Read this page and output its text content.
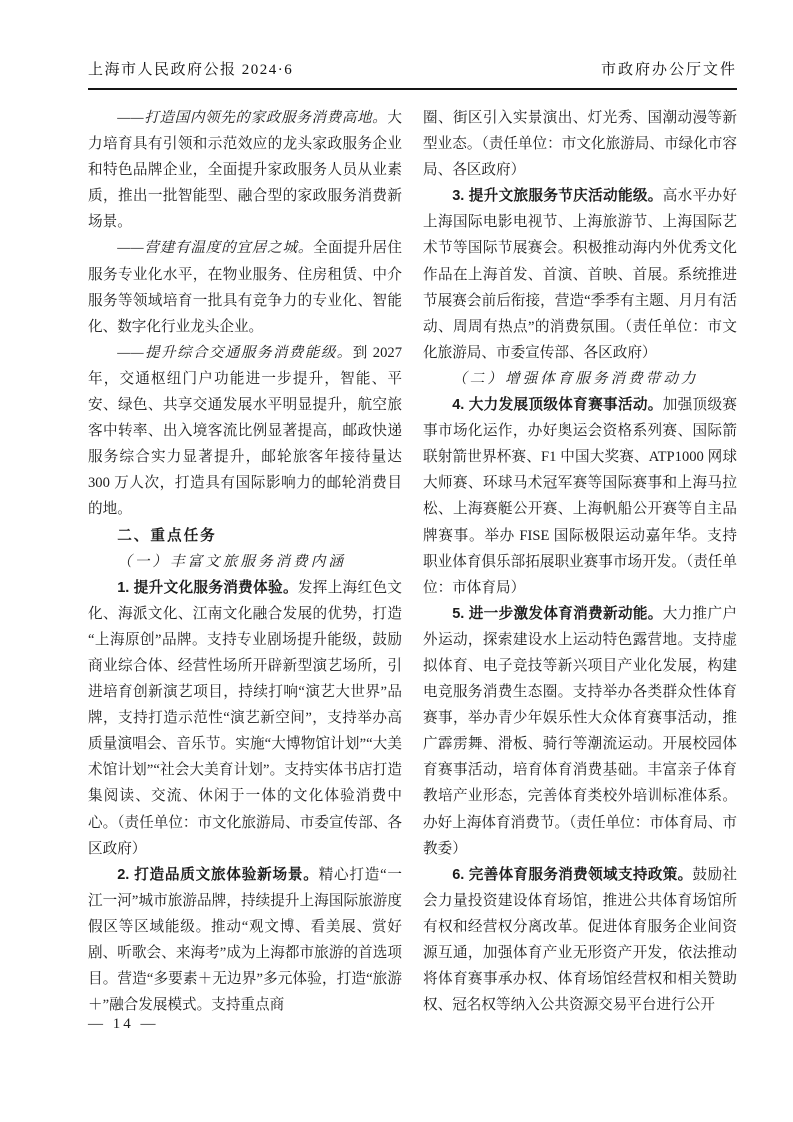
上海市人民政府公报 2024·6	市政府办公厅文件

——打造国内领先的家政服务消费高地。大力培育具有引领和示范效应的龙头家政服务企业和特色品牌企业，全面提升家政服务人员从业素质，推出一批智能型、融合型的家政服务消费新场景。

——营建有温度的宜居之城。全面提升居住服务专业化水平，在物业服务、住房租赁、中介服务等领域培育一批具有竞争力的专业化、智能化、数字化行业龙头企业。

——提升综合交通服务消费能级。到 2027 年，交通枢纽门户功能进一步提升，智能、平安、绿色、共享交通发展水平明显提升，航空旅客中转率、出入境客流比例显著提高，邮政快递服务综合实力显著提升，邮轮旅客年接待量达 300 万人次，打造具有国际影响力的邮轮消费目的地。

二、重点任务

（一）丰富文旅服务消费内涵

1. 提升文化服务消费体验。发挥上海红色文化、海派文化、江南文化融合发展的优势，打造“上海原创”品牌。支持专业剧场提升能级，鼓励商业综合体、经营性场所开辟新型演艺场所，引进培育创新演艺项目，持续打响“演艺大世界”品牌，支持打造示范性“演艺新空间”，支持举办高质量演唱会、音乐节。实施“大博物馆计划”“大美术馆计划”“社会大美育计划”。支持实体书店打造集阅读、交流、休闲于一体的文化体验消费中心。（责任单位：市文化旅游局、市委宣传部、各区政府）

2. 打造品质文旅体验新场景。精心打造“一江一河”城市旅游品牌，持续提升上海国际旅游度假区等区域能级。推动“观文博、看美展、赏好剧、听歌会、来海考”成为上海都市旅游的首选项目。营造“多要素＋无边界”多元体验，打造“旅游＋”融合发展模式。支持重点商

圈、街区引入实景演出、灯光秀、国潮动漫等新型业态。（责任单位：市文化旅游局、市绿化市容局、各区政府）

3. 提升文旅服务节庆活动能级。高水平办好上海国际电影电视节、上海旅游节、上海国际艺术节等国际节展赛会。积极推动海内外优秀文化作品在上海首发、首演、首映、首展。系统推进节展赛会前后衔接，营造“季季有主题、月月有活动、周周有热点”的消费氛围。（责任单位：市文化旅游局、市委宣传部、各区政府）

（二）增强体育服务消费带动力

4. 大力发展顶级体育赛事活动。加强顶级赛事市场化运作，办好奥运会资格系列赛、国际箭联射箭世界杯赛、F1 中国大奖赛、ATP1000 网球大师赛、环球马术冠军赛等国际赛事和上海马拉松、上海赛艇公开赛、上海帆船公开赛等自主品牌赛事。举办 FISE 国际极限运动嘉年华。支持职业体育俱乐部拓展职业赛事市场开发。（责任单位：市体育局）

5. 进一步激发体育消费新动能。大力推广户外运动，探索建设水上运动特色露营地。支持虚拟体育、电子竞技等新兴项目产业化发展，构建电竞服务消费生态圈。支持举办各类群众性体育赛事，举办青少年娱乐性大众体育赛事活动，推广霹雳舞、滑板、骑行等潮流运动。开展校园体育赛事活动，培育体育消费基础。丰富亲子体育教培产业形态，完善体育类校外培训标准体系。办好上海体育消费节。（责任单位：市体育局、市教委）

6. 完善体育服务消费领域支持政策。鼓励社会力量投资建设体育场馆，推进公共体育场馆所有权和经营权分离改革。促进体育服务企业间资源互通，加强体育产业无形资产开发，依法推动将体育赛事承办权、体育场馆经营权和相关赞助权、冠名权等纳入公共资源交易平台进行公开

— 14 —
